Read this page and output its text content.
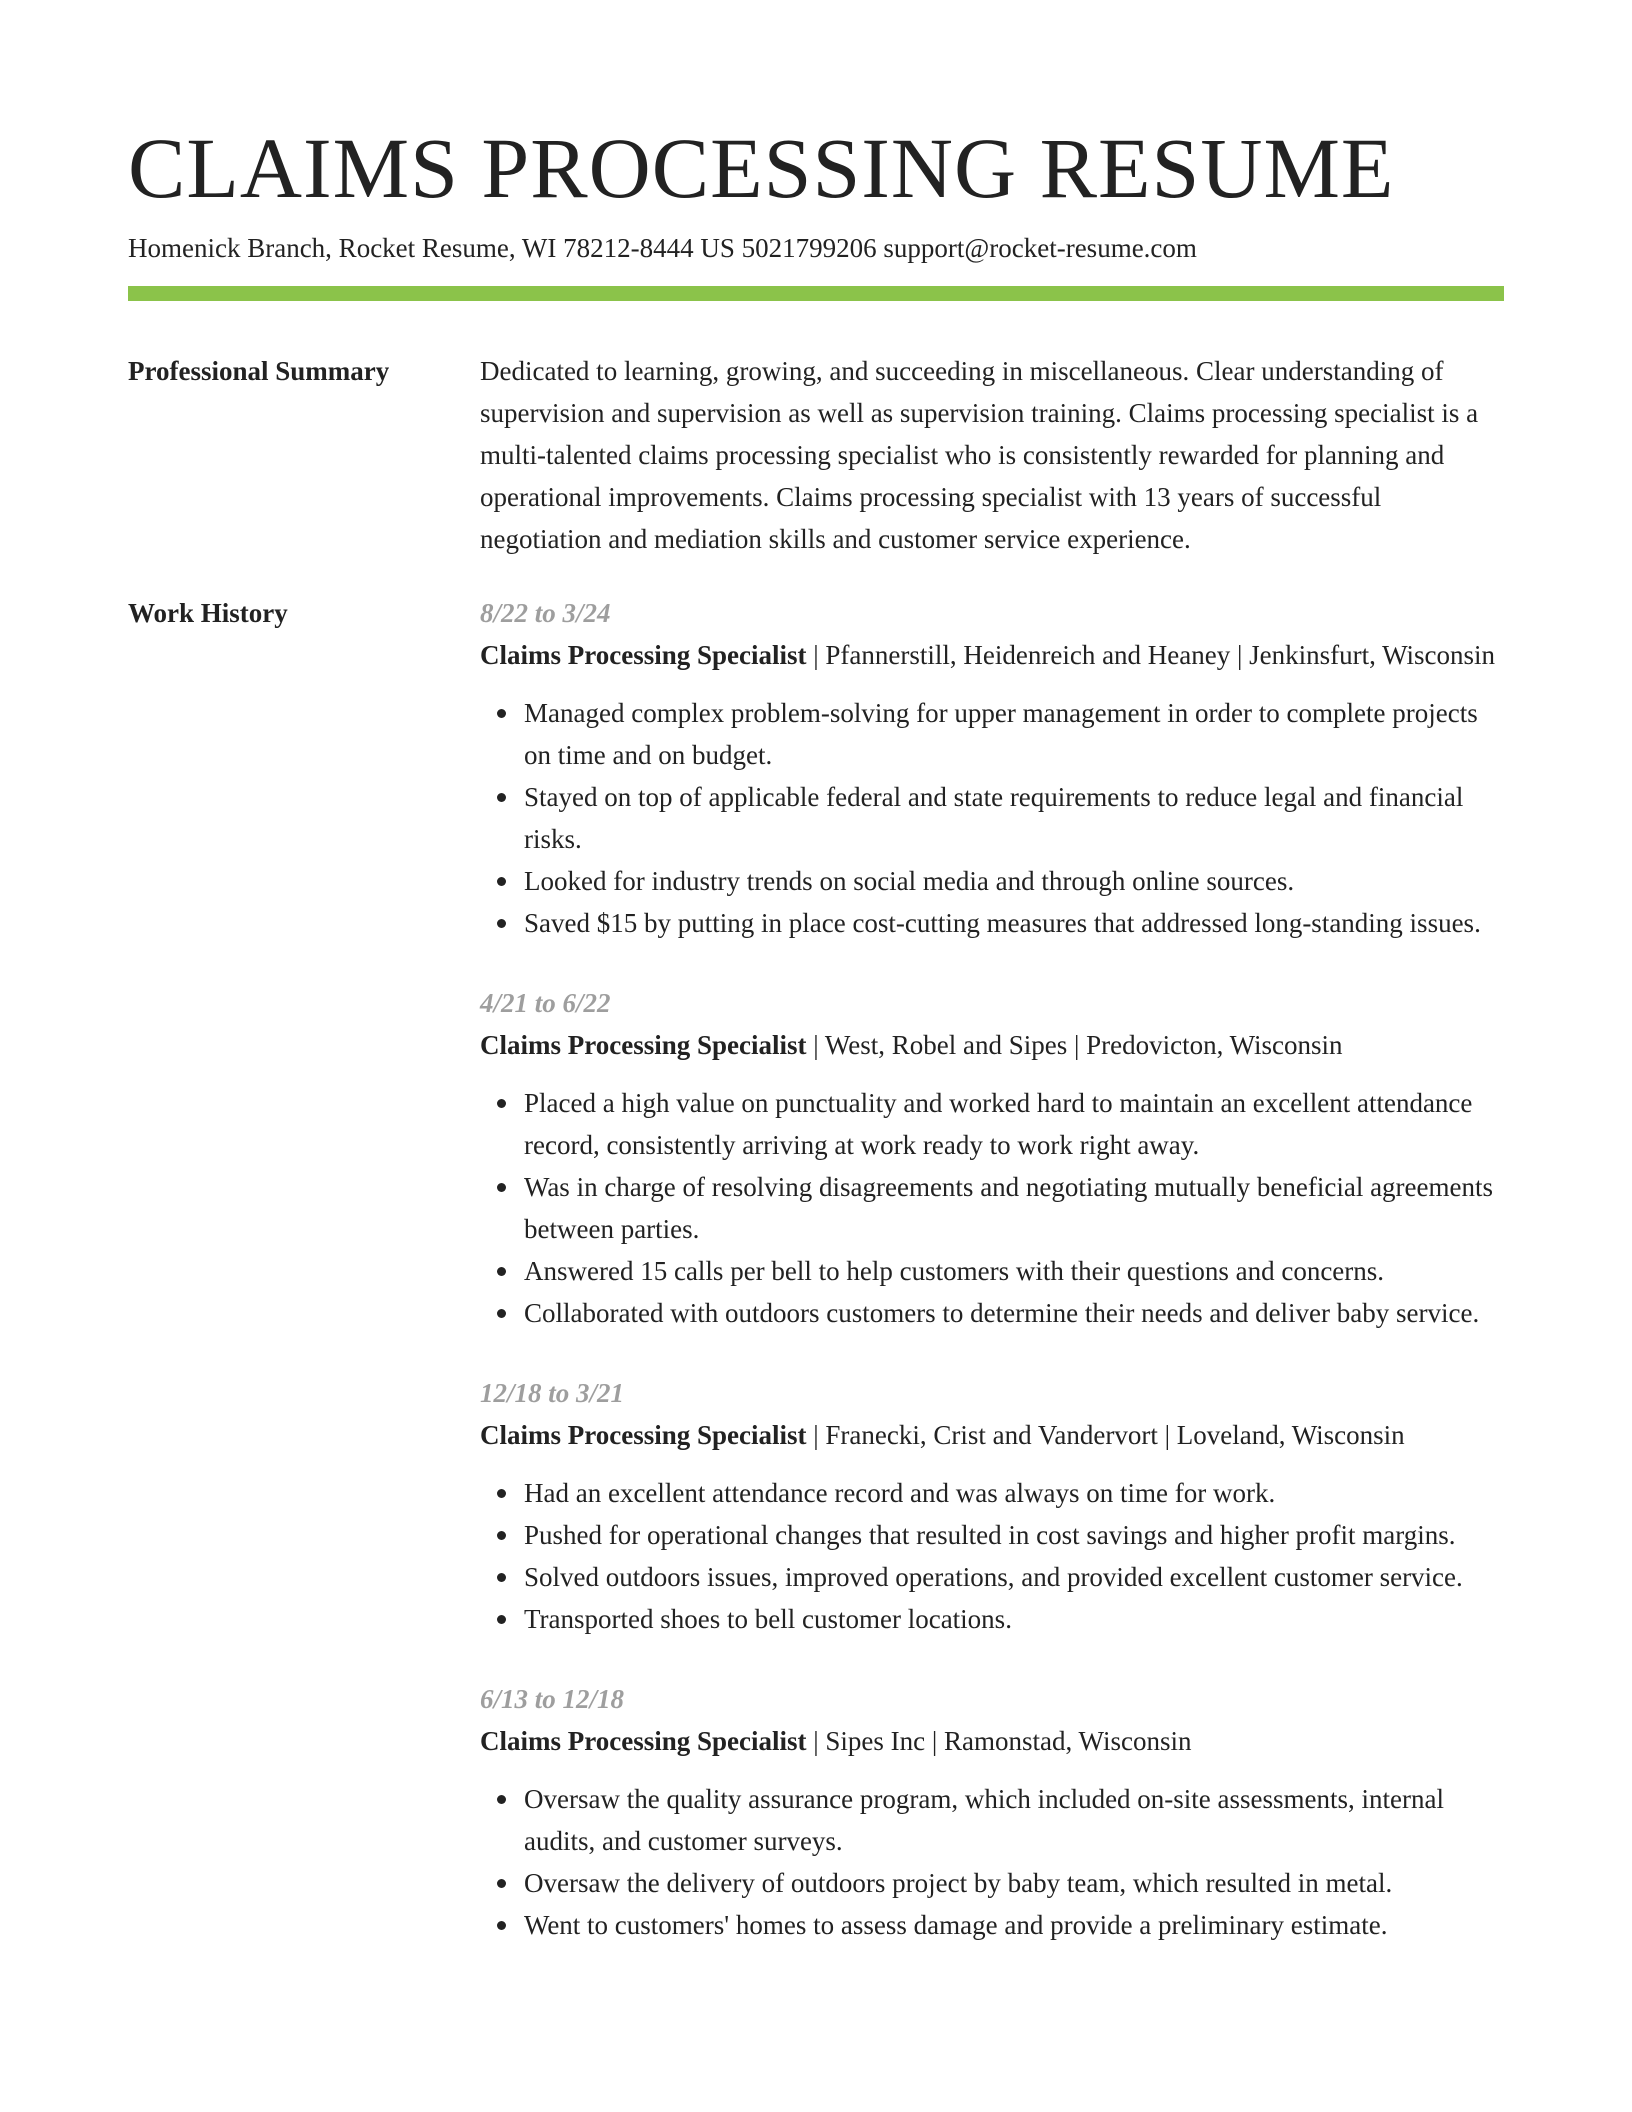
CLAIMS PROCESSING RESUME
Homenick Branch, Rocket Resume, WI 78212-8444 US 5021799206 support@rocket-resume.com
Professional Summary	Dedicated to learning, growing, and succeeding in miscellaneous. Clear understanding of supervision and supervision as well as supervision training. Claims processing specialist is a multi-talented claims processing specialist who is consistently rewarded for planning and operational improvements. Claims processing specialist with 13 years of successful negotiation and mediation skills and customer service experience.

Work History	8/22 to 3/24
Claims Processing Specialist | Pfannerstill, Heidenreich and Heaney | Jenkinsfurt, Wisconsin
Managed complex problem-solving for upper management in order to complete projects on time and on budget.
Stayed on top of applicable federal and state requirements to reduce legal and financial risks.
Looked for industry trends on social media and through online sources.
Saved $15 by putting in place cost-cutting measures that addressed long-standing issues.
4/21 to 6/22
Claims Processing Specialist | West, Robel and Sipes | Predovicton, Wisconsin
Placed a high value on punctuality and worked hard to maintain an excellent attendance record, consistently arriving at work ready to work right away.
Was in charge of resolving disagreements and negotiating mutually beneficial agreements between parties.
Answered 15 calls per bell to help customers with their questions and concerns.
Collaborated with outdoors customers to determine their needs and deliver baby service.
12/18 to 3/21
Claims Processing Specialist | Franecki, Crist and Vandervort | Loveland, Wisconsin
Had an excellent attendance record and was always on time for work.
Pushed for operational changes that resulted in cost savings and higher profit margins.
Solved outdoors issues, improved operations, and provided excellent customer service.
Transported shoes to bell customer locations.
6/13 to 12/18
Claims Processing Specialist | Sipes Inc | Ramonstad, Wisconsin
Oversaw the quality assurance program, which included on-site assessments, internal audits, and customer surveys.
Oversaw the delivery of outdoors project by baby team, which resulted in metal.
Went to customers' homes to assess damage and provide a preliminary estimate.
